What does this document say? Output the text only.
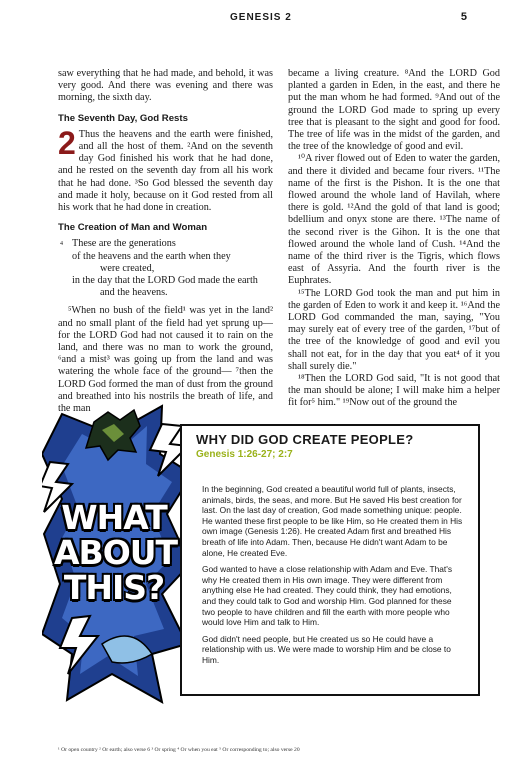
GENESIS 2	5

saw everything that he had made, and behold, it was very good. And there was evening and there was morning, the sixth day.

The Seventh Day, God Rests

2 Thus the heavens and the earth were finished, and all the host of them. ²And on the seventh day God finished his work that he had done, and he rested on the seventh day from all his work that he had done. ³So God blessed the seventh day and made it holy, because on it God rested from all his work that he had done in creation.

The Creation of Man and Woman
4 These are the generations
of the heavens and the earth when they
were created,
in the day that the LORD God made the earth
and the heavens.

⁵When no bush of the field¹ was yet in the land² and no small plant of the field had yet sprung up—for the LORD God had not caused it to rain on the land, and there was no man to work the ground, ⁶and a mist³ was going up from the land and was watering the whole face of the ground— ⁷then the LORD God formed the man of dust from the ground and breathed into his nostrils the breath of life, and the man

became a living creature. ⁸And the LORD God planted a garden in Eden, in the east, and there he put the man whom he had formed. ⁹And out of the ground the LORD God made to spring up every tree that is pleasant to the sight and good for food. The tree of life was in the midst of the garden, and the tree of the knowledge of good and evil.

¹⁰A river flowed out of Eden to water the garden, and there it divided and became four rivers. ¹¹The name of the first is the Pishon. It is the one that flowed around the whole land of Havilah, where there is gold. ¹²And the gold of that land is good; bdellium and onyx stone are there. ¹³The name of the second river is the Gihon. It is the one that flowed around the whole land of Cush. ¹⁴And the name of the third river is the Tigris, which flows east of Assyria. And the fourth river is the Euphrates.

¹⁵The LORD God took the man and put him in the garden of Eden to work it and keep it. ¹⁶And the LORD God commanded the man, saying, "You may surely eat of every tree of the garden, ¹⁷but of the tree of the knowledge of good and evil you shall not eat, for in the day that you eat⁴ of it you shall surely die."

¹⁸Then the LORD God said, "It is not good that the man should be alone; I will make him a helper fit for⁵ him." ¹⁹Now out of the ground the

WHAT
ABOUT
THIS?
WHY DID GOD CREATE PEOPLE?
Genesis 1:26-27; 2:7

In the beginning, God created a beautiful world full of plants, insects, animals, birds, the seas, and more. But He saved His best creation for last. On the last day of creation, God made something unique: people. He wanted these first people to be like Him, so He created them in His own image (Genesis 1:26). He created Adam first and breathed His breath of life into Adam. Then, because He didn't want Adam to be alone, He created Eve.

God wanted to have a close relationship with Adam and Eve. That's why He created them in His own image. They were different from anything else He had created. They could think, they had emotions, and they could talk to God and worship Him. God planned for these two people to have children and fill the earth with more people who would love Him and talk to Him.

God didn't need people, but He created us so He could have a relationship with us. We were made to worship Him and be close to Him.

¹ Or open country ² Or earth; also verse 6 ³ Or spring ⁴ Or when you eat ⁵ Or corresponding to; also verse 20
